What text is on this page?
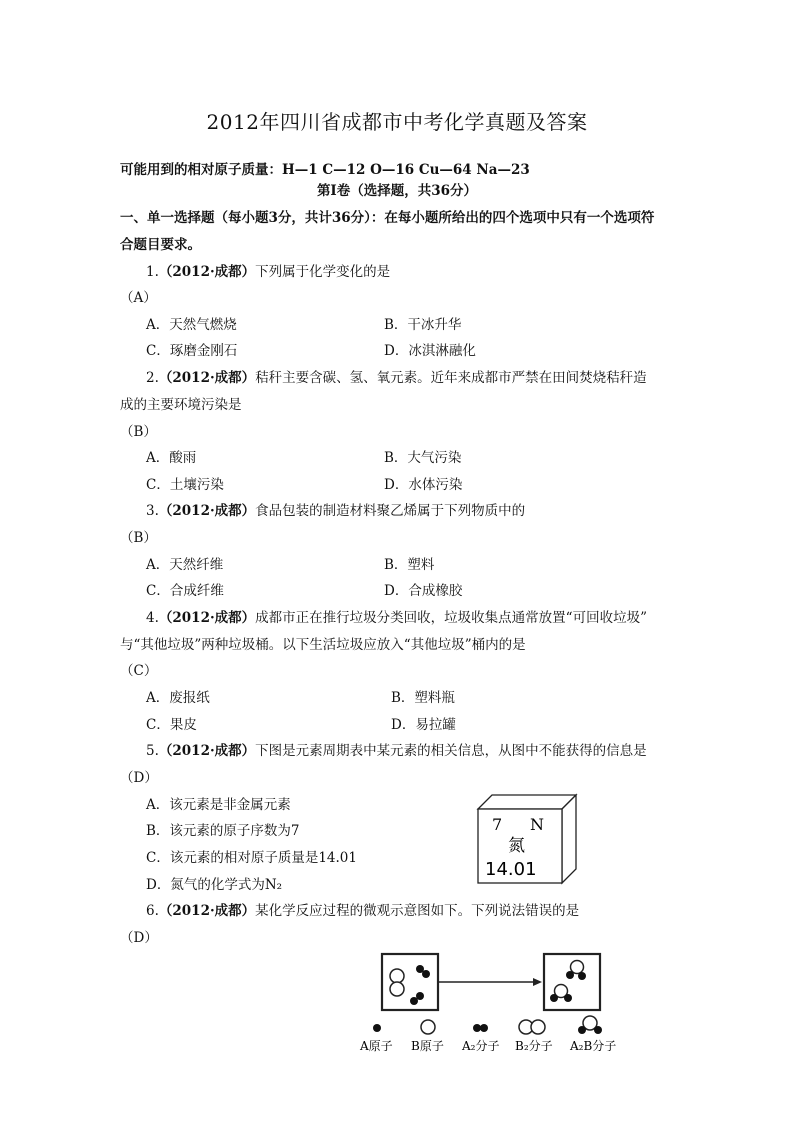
2012年四川省成都市中考化学真题及答案
可能用到的相对原子质量：H—1 C—12 O—16 Cu—64 Na—23
第Ⅰ卷（选择题，共36分）
一、单一选择题（每小题3分，共计36分）：在每小题所给出的四个选项中只有一个选项符
合题目要求。
1.（2012·成都）下列属于化学变化的是
（A）
A．天然气燃烧	B．干冰升华
C．琢磨金刚石	D．冰淇淋融化
2.（2012·成都）秸秆主要含碳、氢、氧元素。近年来成都市严禁在田间焚烧秸秆造
成的主要环境污染是
（B）
A．酸雨	B．大气污染
C．土壤污染	D．水体污染
3.（2012·成都）食品包装的制造材料聚乙烯属于下列物质中的
（B）
A．天然纤维	B．塑料
C．合成纤维	D．合成橡胶
4.（2012·成都）成都市正在推行垃圾分类回收，垃圾收集点通常放置“可回收垃圾”
与“其他垃圾”两种垃圾桶。以下生活垃圾应放入“其他垃圾”桶内的是
（C）
A．废报纸	B．塑料瓶
C．果皮	D．易拉罐
5.（2012·成都）下图是元素周期表中某元素的相关信息，从图中不能获得的信息是
（D）
A．该元素是非金属元素
B．该元素的原子序数为7
C．该元素的相对原子质量是14.01
D．氮气的化学式为N₂
7 N
氮
14.01
6.（2012·成都）某化学反应过程的微观示意图如下。下列说法错误的是
（D）
A原子 B原子 A₂分子 B₂分子 A₂B分子
